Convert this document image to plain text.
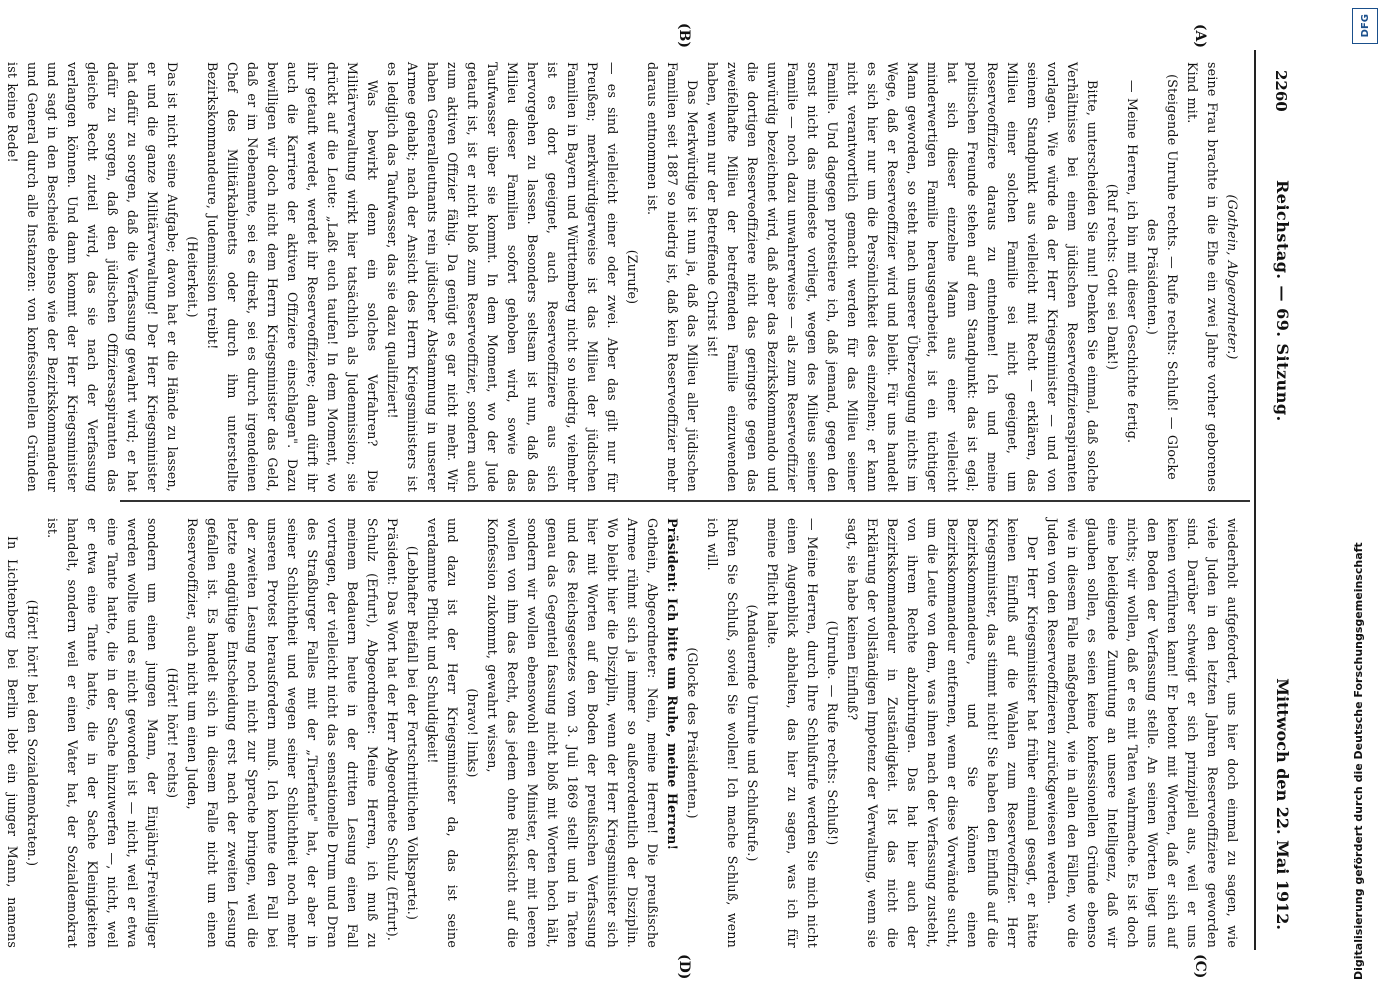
2260
Reichstag. — 69. Sitzung.
Mittwoch den 22. Mai 1912.
(A)
(B)
(C)
(D)

(Gothein, Abgeordneter.)

seine Frau brachte in die Ehe ein zwei Jahre vorher geborenes Kind mit.

(Steigende Unruhe rechts. — Rufe rechts: Schluß! — Glocke des Präsidenten.)

— Meine Herren, ich bin mit dieser Geschichte fertig.

(Ruf rechts: Gott sei Dank!)

Bitte, unterscheiden Sie nun! Denken Sie einmal, daß solche Verhältnisse bei einem jüdischen Reserveoffizieraspiranten vorlagen. Wie würde da der Herr Kriegsminister — und von seinem Standpunkt aus vielleicht mit Recht — erklären, das Milieu einer solchen Familie sei nicht geeignet, um Reserveoffiziere daraus zu entnehmen! Ich und meine politischen Freunde stehen auf dem Standpunkt: das ist egal; hat sich dieser einzelne Mann aus einer vielleicht minderwertigen Familie herausgearbeitet, ist ein tüchtiger Mann geworden, so steht nach unserer Überzeugung nichts im Wege, daß er Reserveoffizier wird und bleibt. Für uns handelt es sich hier nur um die Persönlichkeit des einzelnen; er kann nicht verantwortlich gemacht werden für das Milieu seiner Familie. Und dagegen protestiere ich, daß jemand, gegen den sonst nicht das mindeste vorliegt, wegen des Milieus seiner Familie — noch dazu unwahrerweise — als zum Reserveoffizier unwürdig bezeichnet wird, daß aber das Bezirkskommando und die dortigen Reserveoffiziere nicht das geringste gegen das zweifelhafte Milieu der betreffenden Familie einzuwenden haben, wenn nur der Betreffende Christ ist!

Das Merkwürdige ist nun ja, daß das Milieu aller jüdischen Familien seit 1887 so niedrig ist, daß kein Reserveoffizier mehr daraus entnommen ist.

(Zurufe)

— es sind vielleicht einer oder zwei. Aber das gilt nur für Preußen; merkwürdigerweise ist das Milieu der jüdischen Familien in Bayern und Württemberg nicht so niedrig, vielmehr ist es dort geeignet, auch Reserveoffiziere aus sich hervorgehen zu lassen. Besonders seltsam ist nun, daß das Milieu dieser Familien sofort gehoben wird, sowie das Taufwasser über sie kommt. In dem Moment, wo der Jude getauft ist, ist er nicht bloß zum Reserveoffizier, sondern auch zum aktiven Offizier fähig. Da genügt es gar nicht mehr. Wir haben Generalleutnants rein jüdischer Abstammung in unserer Armee gehabt; nach der Ansicht des Herrn Kriegsministers ist es lediglich das Taufwasser, das sie dazu qualifiziert!

Was bewirkt denn ein solches Verfahren? Die Militärverwaltung wirkt hier tatsächlich als Judenmission; sie drückt auf die Leute: „Laßt euch taufen! In dem Moment, wo ihr getauft werdet, werdet ihr Reserveoffiziere; dann dürft ihr auch die Karriere der aktiven Offiziere einschlagen". Dazu bewilligen wir doch nicht dem Herrn Kriegsminister das Geld, daß er im Nebenamte, sei es direkt, sei es durch irgendeinen Chef des Militärkabinetts oder durch ihm unterstellte Bezirkskommandeure, Judenmission treibt!

(Heiterkeit.)

Das ist nicht seine Aufgabe; davon hat er die Hände zu lassen, er und die ganze Militärverwaltung! Der Herr Kriegsminister hat dafür zu sorgen, daß die Verfassung gewahrt wird; er hat dafür zu sorgen, daß den jüdischen Offiziersaspiranten das gleiche Recht zuteil wird, das sie nach der Verfassung verlangen können. Und dann kommt der Herr Kriegsminister und sagt in den Bescheide ebenso wie der Bezirkskommandeur und General durch alle Instanzen: von konfessionellen Gründen ist keine Rede!

wiederholt aufgefordert, uns hier doch einmal zu sagen, wie viele Juden in den letzten Jahren Reserveoffiziere geworden sind. Darüber schweigt er sich prinzipiell aus, weil er uns keinen vorführen kann! Er betont mit Worten, daß er sich auf den Boden der Verfassung stelle. An seinen Worten liegt uns nichts; wir wollen, daß er es mit Taten wahrmache. Es ist doch eine beleidigende Zumutung an unsere Intelligenz, daß wir glauben sollen, es seien keine konfessionellen Gründe ebenso wie in diesem Falle maßgebend, wie in allen den Fällen, wo die Juden von den Reserveoffizieren zurückgewiesen werden.

Der Herr Kriegsminister hat früher einmal gesagt, er hätte keinen Einfluß auf die Wahlen zum Reserveoffizier. Herr Kriegsminister, das stimmt nicht! Sie haben den Einfluß auf die Bezirkskommandeure, und Sie können einen Bezirkskommandeur entfernen, wenn er diese Vorwände sucht, um die Leute von dem, was ihnen nach der Verfassung zusteht, von ihrem Rechte abzubringen. Das hat hier auch der Bezirkskommandeur in Zuständigkeit. Ist das nicht die Erklärung der vollständigen Impotenz der Verwaltung, wenn sie sagt, sie habe keinen Einfluß?

(Unruhe. — Rufe rechts: Schluß!)

— Meine Herren, durch Ihre Schlußrufe werden Sie mich nicht einen Augenblick abhalten, das hier zu sagen, was ich für meine Pflicht halte.

(Andauernde Unruhe und Schlußrufe.)

Rufen Sie Schluß, soviel Sie wollen! Ich mache Schluß, wenn ich will.

(Glocke des Präsidenten.)

Präsident: Ich bitte um Ruhe, meine Herren!

Gothein, Abgeordneter: Nein, meine Herren! Die preußische Armee rühmt sich ja immer so außerordentlich der Disziplin. Wo bleibt hier die Disziplin, wenn der Herr Kriegsminister sich hier mit Worten auf den Boden der preußischen Verfassung und des Reichsgesetzes vom 3. Juli 1869 stellt und in Taten genau das Gegenteil fassung nicht bloß mit Worten hoch hält, sondern wir wollen ebensowohl einen Minister, der mit leeren wollen von ihm das Recht, das jedem ohne Rücksicht auf die Konfession zukommt, gewahrt wissen,

(bravo! links)

und dazu ist der Herr Kriegsminister da, das ist seine verdammte Pflicht und Schuldigkeit!

(Lebhafter Beifall bei der Fortschrittlichen Volkspartei.)

Präsident: Das Wort hat der Herr Abgeordnete Schulz (Erfurt).

Schulz (Erfurt), Abgeordneter: Meine Herren, ich muß zu meinem Bedauern heute in der dritten Lesung einen Fall vortragen, der vielleicht nicht das sensationelle Drum und Dran des Straßburger Falles mit der „Tierfante" hat, der aber in seiner Schlichtheit und wegen seiner Schlichtheit noch mehr unseren Protest herausfordern muß. Ich konnte den Fall bei der zweiten Lesung noch nicht zur Sprache bringen, weil die letzte endgültige Entscheidung erst nach der zweiten Lesung gefallen ist. Es handelt sich in diesem Falle nicht um einen Reserveoffizier, auch nicht um einen Juden,

(Hört! hört! rechts)

sondern um einen jungen Mann, der Einjährig-Freiwilliger werden wollte und es nicht geworden ist — nicht, weil er etwa eine Tante hatte, die in der Sache hinzuwerfen —, nicht, weil er etwa eine Tante hatte, die in der Sache Kleinigkeiten handelt, sondern weil er einen Vater hat, der Sozialdemokrat ist.

(Hört! hört! bei den Sozialdemokraten.)

In Lichtenberg bei Berlin lebt ein junger Mann, namens

DFG
Digitalisierung gefördert durch die Deutsche Forschungsgemeinschaft
